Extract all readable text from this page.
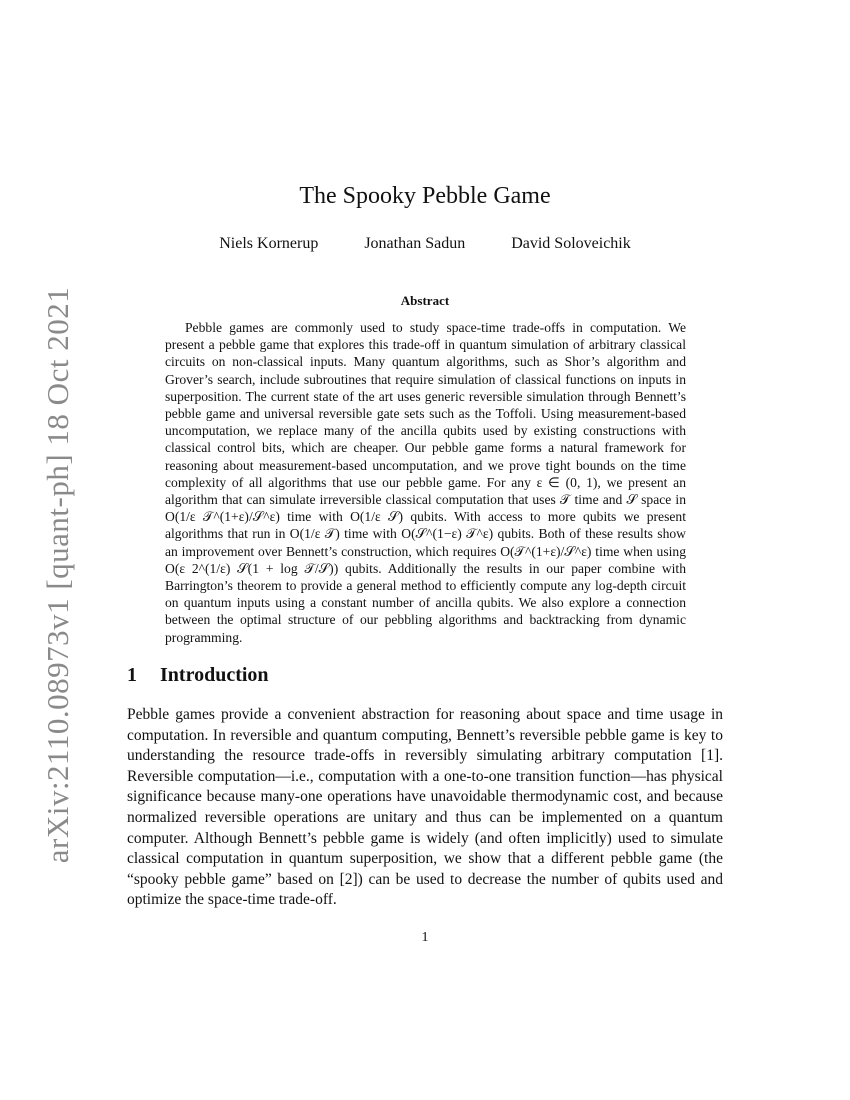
arXiv:2110.08973v1 [quant-ph] 18 Oct 2021
The Spooky Pebble Game
Niels Kornerup	Jonathan Sadun	David Soloveichik
Abstract

Pebble games are commonly used to study space-time trade-offs in computation. We present a pebble game that explores this trade-off in quantum simulation of arbitrary classical circuits on non-classical inputs. Many quantum algorithms, such as Shor’s algorithm and Grover’s search, include subroutines that require simulation of classical functions on inputs in superposition. The current state of the art uses generic reversible simulation through Bennett’s pebble game and universal reversible gate sets such as the Toffoli. Using measurement-based uncomputation, we replace many of the ancilla qubits used by existing constructions with classical control bits, which are cheaper. Our pebble game forms a natural framework for reasoning about measurement-based uncomputation, and we prove tight bounds on the time complexity of all algorithms that use our pebble game. For any ε ∈ (0, 1), we present an algorithm that can simulate irreversible classical computation that uses 𝒯 time and 𝒮 space in O(1/ε 𝒯^(1+ε)/𝒮^ε) time with O(1/ε 𝒮) qubits. With access to more qubits we present algorithms that run in O(1/ε 𝒯) time with O(𝒮^(1−ε) 𝒯^ε) qubits. Both of these results show an improvement over Bennett’s construction, which requires O(𝒯^(1+ε)/𝒮^ε) time when using O(ε 2^(1/ε) 𝒮(1 + log 𝒯/𝒮)) qubits. Additionally the results in our paper combine with Barrington’s theorem to provide a general method to efficiently compute any log-depth circuit on quantum inputs using a constant number of ancilla qubits. We also explore a connection between the optimal structure of our pebbling algorithms and backtracking from dynamic programming.

1 Introduction

Pebble games provide a convenient abstraction for reasoning about space and time usage in computation. In reversible and quantum computing, Bennett’s reversible pebble game is key to understanding the resource trade-offs in reversibly simulating arbitrary computation [1]. Reversible computation—i.e., computation with a one-to-one transition function—has physical significance because many-one operations have unavoidable thermodynamic cost, and because normalized reversible operations are unitary and thus can be implemented on a quantum computer. Although Bennett’s pebble game is widely (and often implicitly) used to simulate classical computation in quantum superposition, we show that a different pebble game (the “spooky pebble game” based on [2]) can be used to decrease the number of qubits used and optimize the space-time trade-off.

1
